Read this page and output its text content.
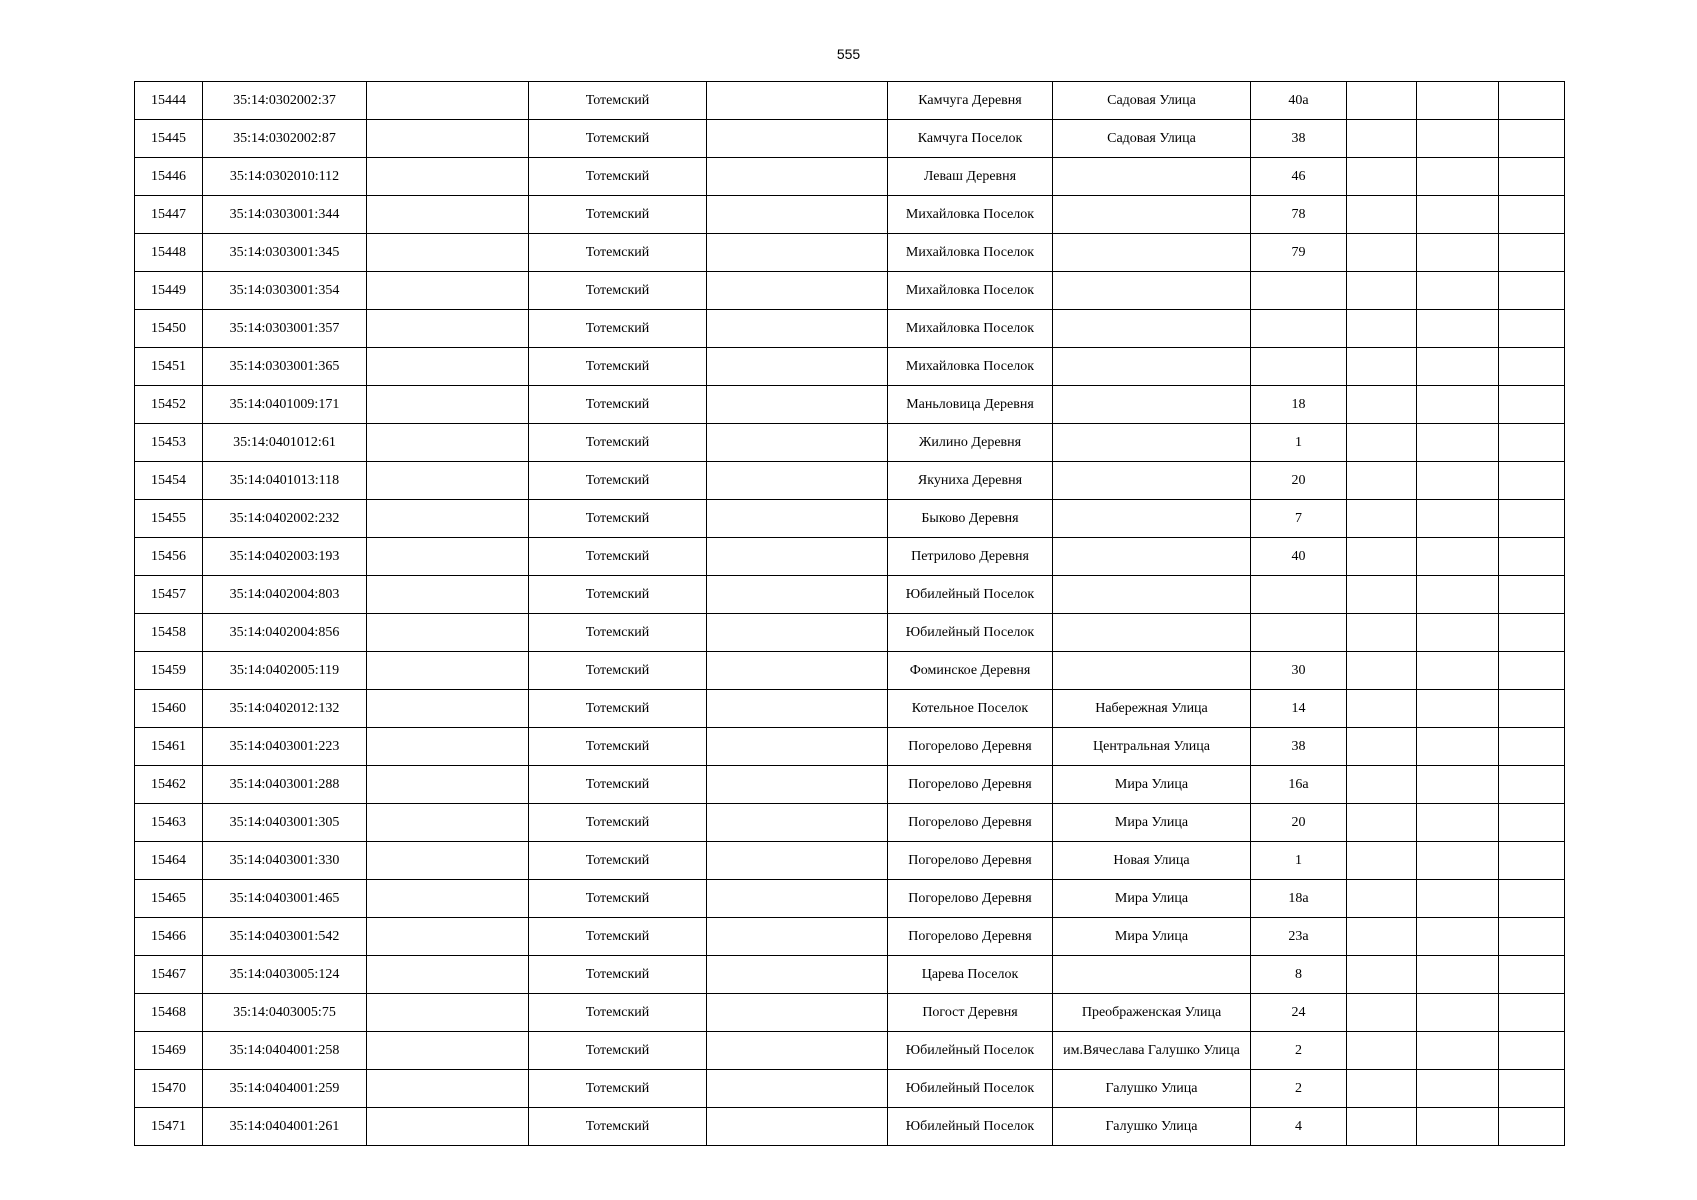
555
15444	35:14:0302002:37		Тотемский		Камчуга Деревня	Садовая Улица	40а			
15445	35:14:0302002:87		Тотемский		Камчуга Поселок	Садовая Улица	38			
15446	35:14:0302010:112		Тотемский		Леваш Деревня		46			
15447	35:14:0303001:344		Тотемский		Михайловка Поселок		78			
15448	35:14:0303001:345		Тотемский		Михайловка Поселок		79			
15449	35:14:0303001:354		Тотемский		Михайловка Поселок					
15450	35:14:0303001:357		Тотемский		Михайловка Поселок					
15451	35:14:0303001:365		Тотемский		Михайловка Поселок					
15452	35:14:0401009:171		Тотемский		Маньловица Деревня		18			
15453	35:14:0401012:61		Тотемский		Жилино Деревня		1			
15454	35:14:0401013:118		Тотемский		Якуниха Деревня		20			
15455	35:14:0402002:232		Тотемский		Быково Деревня		7			
15456	35:14:0402003:193		Тотемский		Петрилово Деревня		40			
15457	35:14:0402004:803		Тотемский		Юбилейный Поселок					
15458	35:14:0402004:856		Тотемский		Юбилейный Поселок					
15459	35:14:0402005:119		Тотемский		Фоминское Деревня		30			
15460	35:14:0402012:132		Тотемский		Котельное Поселок	Набережная Улица	14			
15461	35:14:0403001:223		Тотемский		Погорелово Деревня	Центральная Улица	38			
15462	35:14:0403001:288		Тотемский		Погорелово Деревня	Мира Улица	16а			
15463	35:14:0403001:305		Тотемский		Погорелово Деревня	Мира Улица	20			
15464	35:14:0403001:330		Тотемский		Погорелово Деревня	Новая Улица	1			
15465	35:14:0403001:465		Тотемский		Погорелово Деревня	Мира Улица	18а			
15466	35:14:0403001:542		Тотемский		Погорелово Деревня	Мира Улица	23а			
15467	35:14:0403005:124		Тотемский		Царева Поселок		8			
15468	35:14:0403005:75		Тотемский		Погост Деревня	Преображенская Улица	24			
15469	35:14:0404001:258		Тотемский		Юбилейный Поселок	им.Вячеслава Галушко Улица	2			
15470	35:14:0404001:259		Тотемский		Юбилейный Поселок	Галушко Улица	2			
15471	35:14:0404001:261		Тотемский		Юбилейный Поселок	Галушко Улица	4			
